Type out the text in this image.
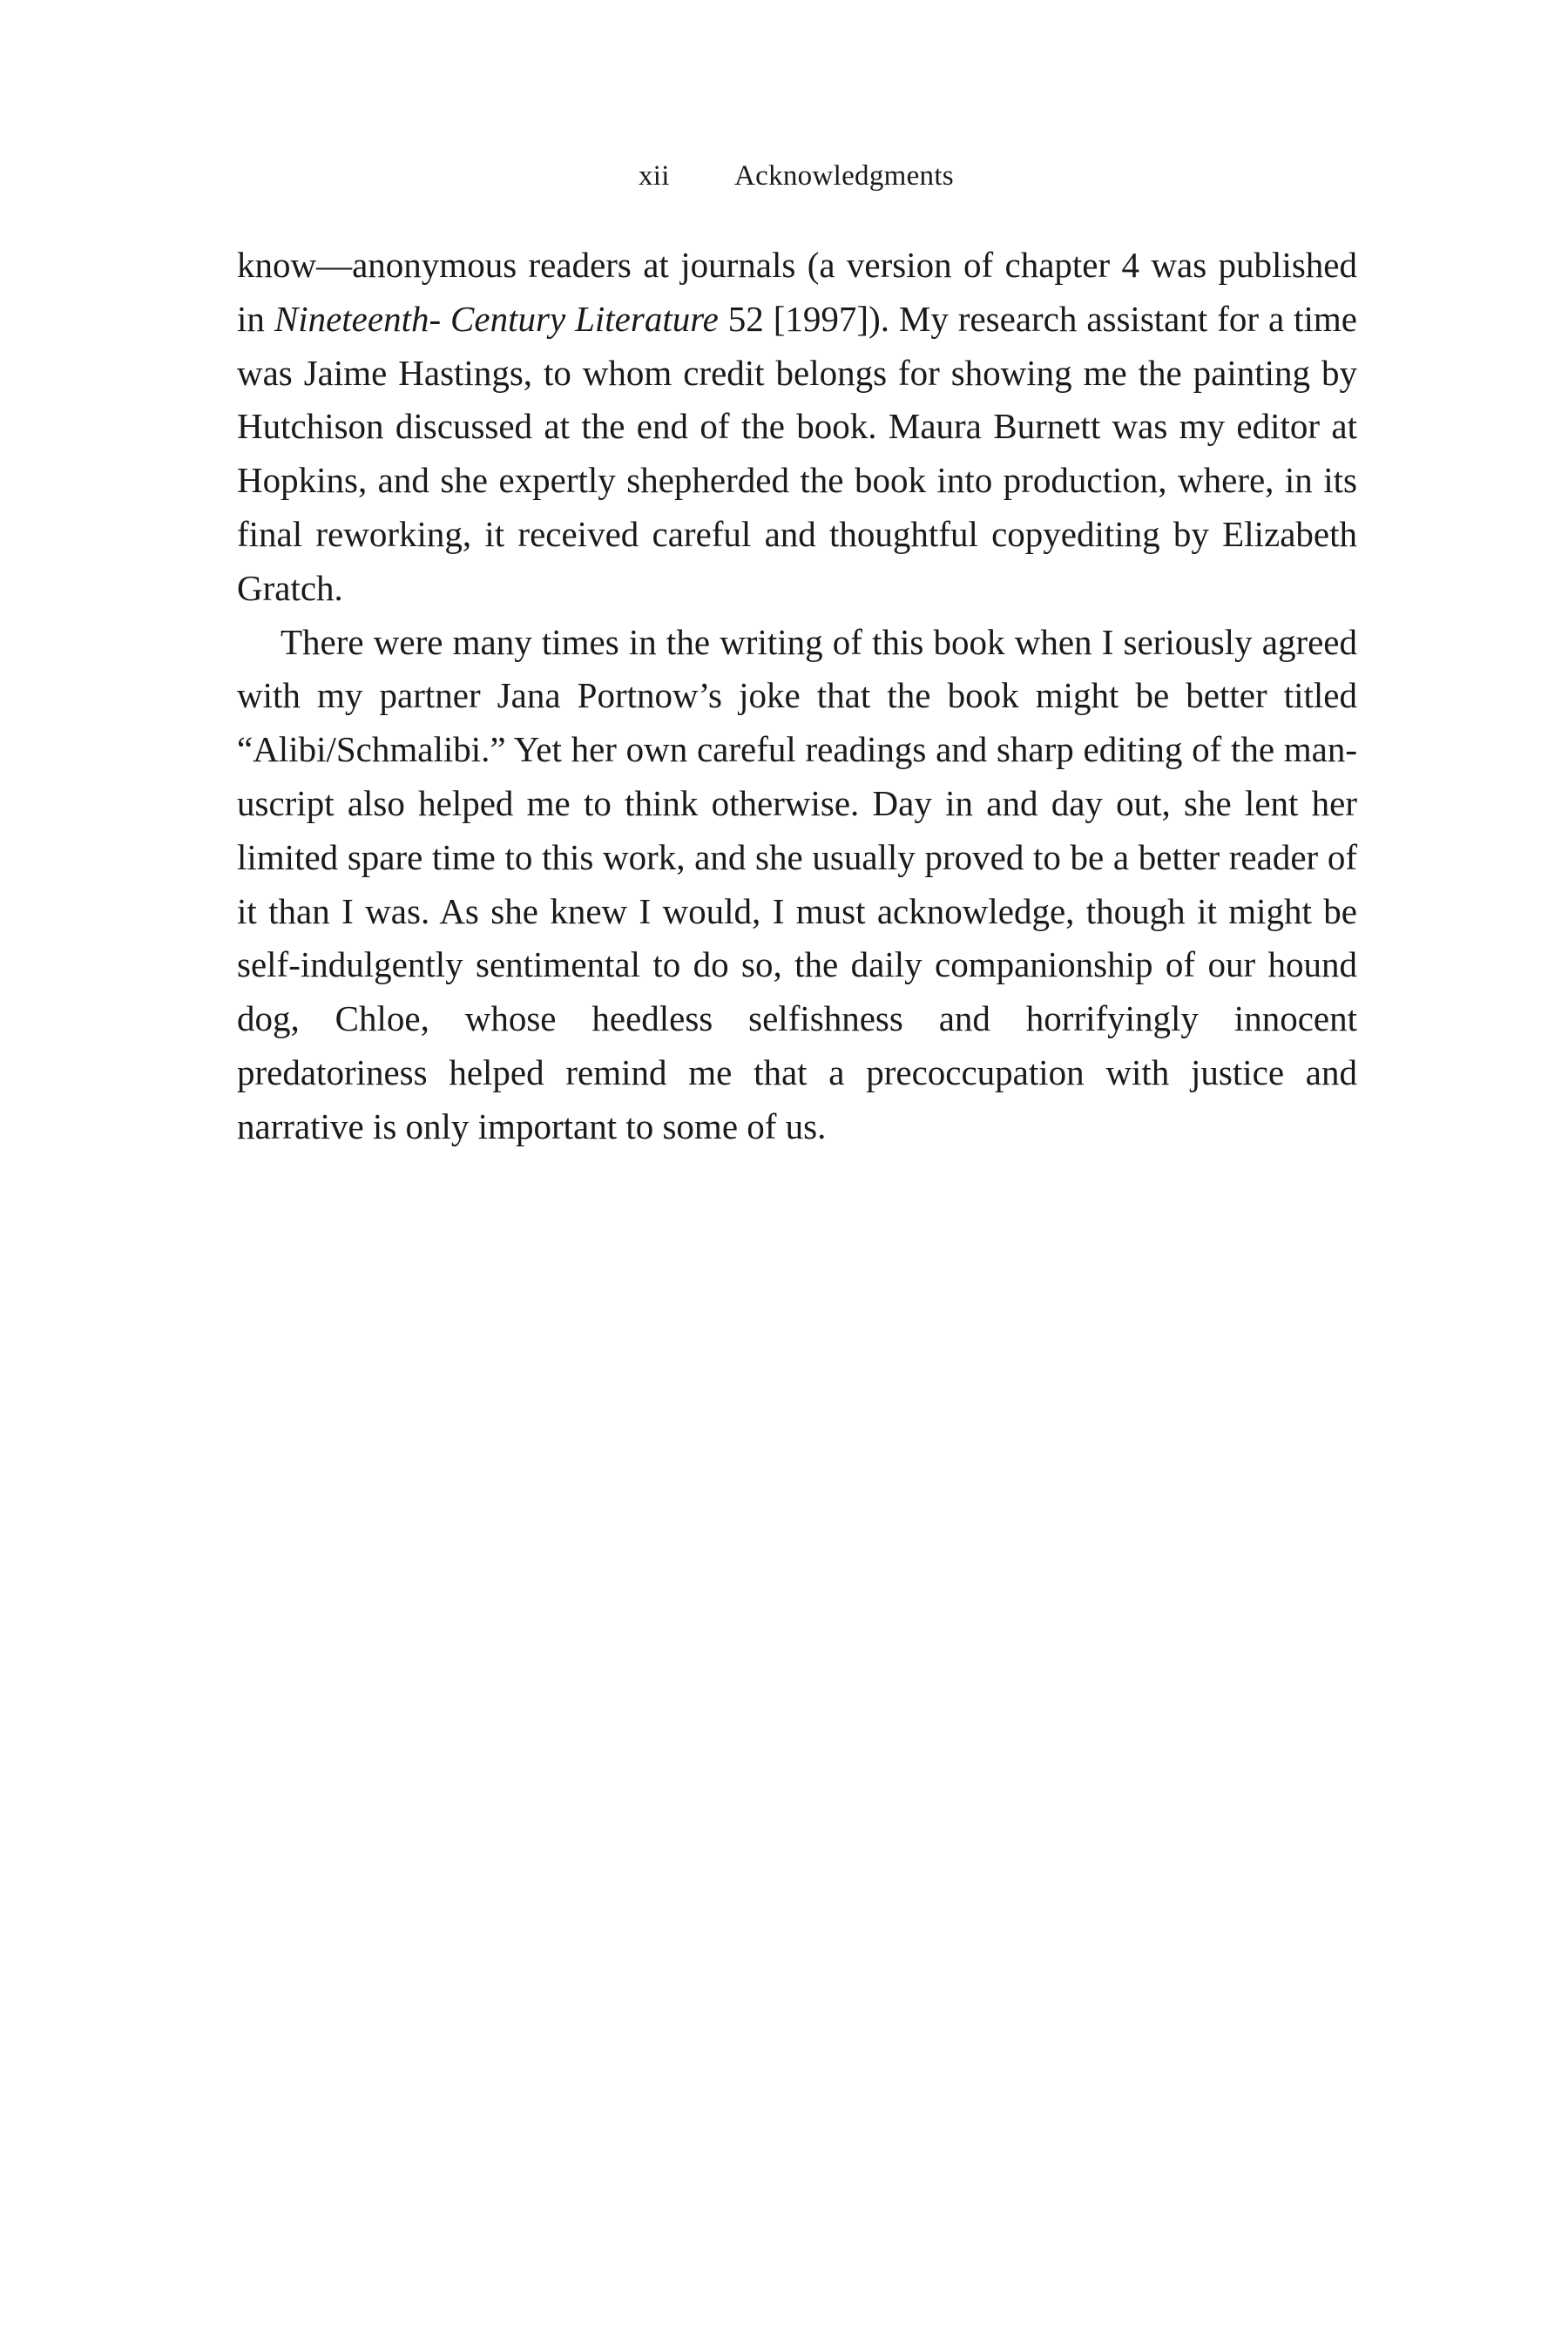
xii Acknowledgments

know—anonymous readers at journals (a version of chapter 4 was published in Nineteenth- Century Literature 52 [1997]). My research assistant for a time was Jaime Hastings, to whom credit belongs for showing me the painting by Hutchison discussed at the end of the book. Maura Burnett was my editor at Hopkins, and she expertly shepherded the book into production, where, in its final reworking, it received careful and thoughtful copyediting by Elizabeth Gratch.

There were many times in the writing of this book when I seriously agreed with my partner Jana Portnow’s joke that the book might be better titled “Alibi/Schmalibi.” Yet her own careful readings and sharp editing of the manuscript also helped me to think otherwise. Day in and day out, she lent her limited spare time to this work, and she usually proved to be a better reader of it than I was. As she knew I would, I must acknowledge, though it might be self-indulgently sentimental to do so, the daily companionship of our hound dog, Chloe, whose heedless selfishness and horrifyingly innocent predatoriness helped remind me that a precoccupation with justice and narrative is only important to some of us.
